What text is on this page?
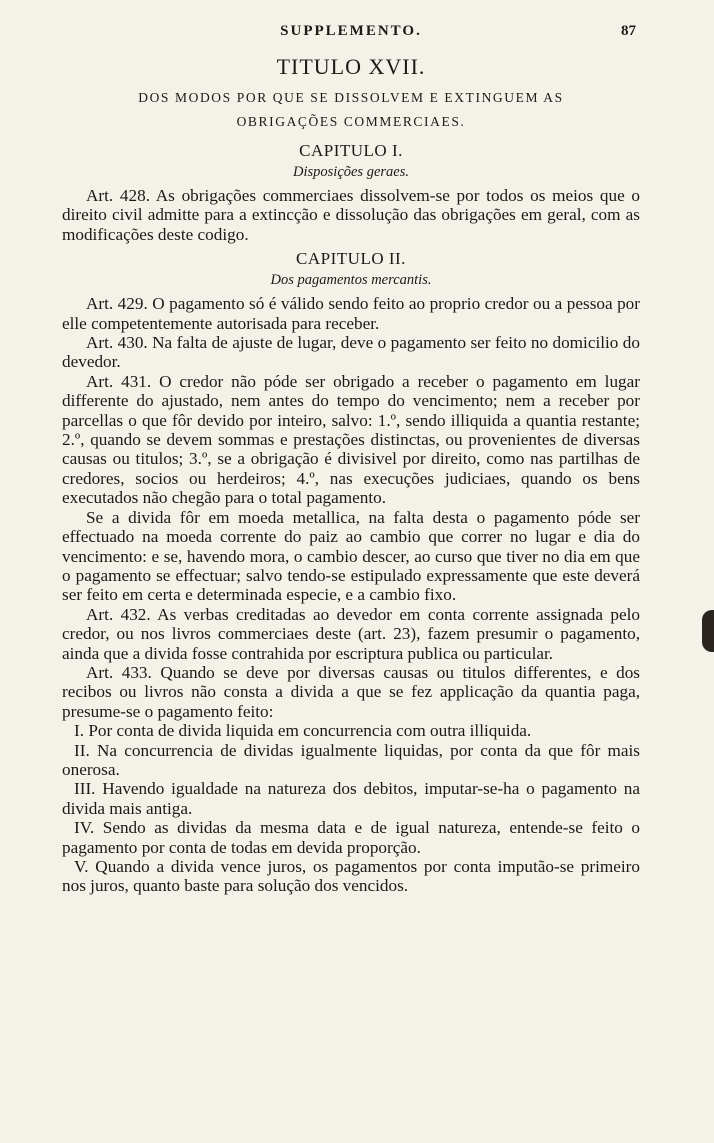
SUPPLEMENTO.	87
TITULO XVII.
DOS MODOS POR QUE SE DISSOLVEM E EXTINGUEM AS OBRIGAÇÕES COMMERCIAES.
CAPITULO I.
Disposições geraes.

Art. 428. As obrigações commerciaes dissolvem-se por todos os meios que o direito civil admitte para a extincção e dissolução das obrigações em geral, com as modificações deste codigo.

CAPITULO II.
Dos pagamentos mercantis.

Art. 429. O pagamento só é válido sendo feito ao proprio credor ou a pessoa por elle competentemente autorisada para receber.

Art. 430. Na falta de ajuste de lugar, deve o pagamento ser feito no domicilio do devedor.

Art. 431. O credor não póde ser obrigado a receber o pagamento em lugar differente do ajustado, nem antes do tempo do vencimento; nem a receber por parcellas o que fôr devido por inteiro, salvo: 1.º, sendo illiquida a quantia restante; 2.º, quando se devem sommas e prestações distinctas, ou provenientes de diversas causas ou titulos; 3.º, se a obrigação é divisivel por direito, como nas partilhas de credores, socios ou herdeiros; 4.º, nas execuções judiciaes, quando os bens executados não chegão para o total pagamento.

Se a divida fôr em moeda metallica, na falta desta o pagamento póde ser effectuado na moeda corrente do paiz ao cambio que correr no lugar e dia do vencimento: e se, havendo mora, o cambio descer, ao curso que tiver no dia em que o pagamento se effectuar; salvo tendo-se estipulado expressamente que este deverá ser feito em certa e determinada especie, e a cambio fixo.

Art. 432. As verbas creditadas ao devedor em conta corrente assignada pelo credor, ou nos livros commerciaes deste (art. 23), fazem presumir o pagamento, ainda que a divida fosse contrahida por escriptura publica ou particular.

Art. 433. Quando se deve por diversas causas ou titulos differentes, e dos recibos ou livros não consta a divida a que se fez applicação da quantia paga, presume-se o pagamento feito:

I. Por conta de divida liquida em concurrencia com outra illiquida.

II. Na concurrencia de dividas igualmente liquidas, por conta da que fôr mais onerosa.

III. Havendo igualdade na natureza dos debitos, imputar-se-ha o pagamento na divida mais antiga.

IV. Sendo as dividas da mesma data e de igual natureza, entende-se feito o pagamento por conta de todas em devida proporção.

V. Quando a divida vence juros, os pagamentos por conta imputão-se primeiro nos juros, quanto baste para solução dos vencidos.
